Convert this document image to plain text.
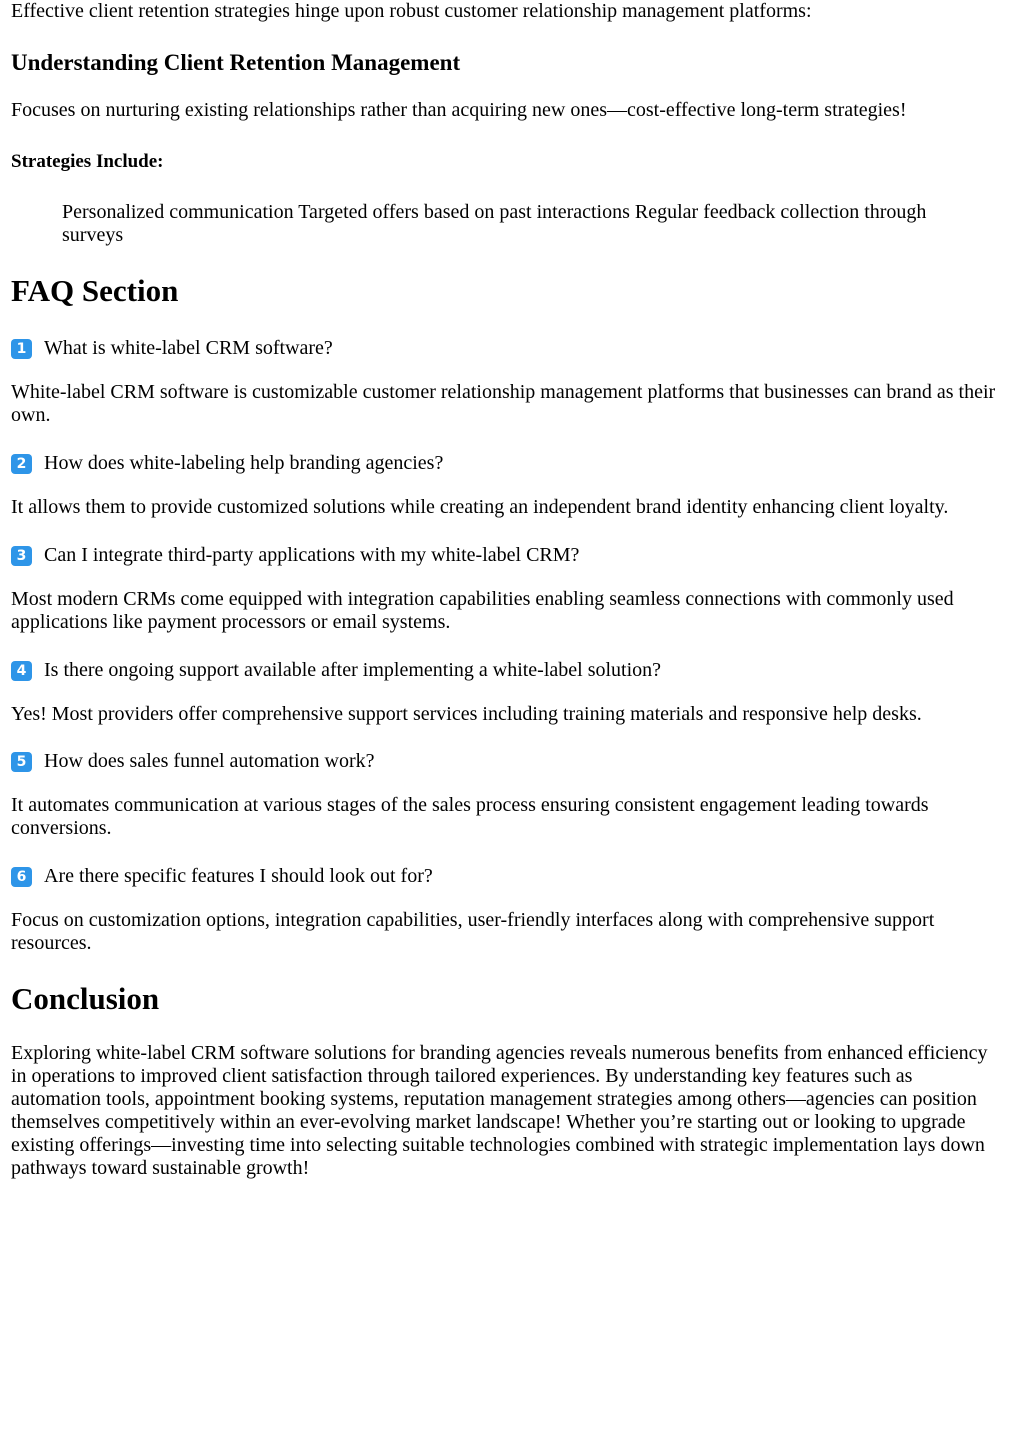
Effective client retention strategies hinge upon robust customer relationship management platforms:

Understanding Client Retention Management

Focuses on nurturing existing relationships rather than acquiring new ones—cost-effective long-term strategies!

Strategies Include:

Personalized communication Targeted offers based on past interactions Regular feedback collection through surveys

FAQ Section
1 What is white-label CRM software?

White-label CRM software is customizable customer relationship management platforms that businesses can brand as their own.

2 How does white-labeling help branding agencies?

It allows them to provide customized solutions while creating an independent brand identity enhancing client loyalty.

3 Can I integrate third-party applications with my white-label CRM?

Most modern CRMs come equipped with integration capabilities enabling seamless connections with commonly used applications like payment processors or email systems.

4 Is there ongoing support available after implementing a white-label solution?

Yes! Most providers offer comprehensive support services including training materials and responsive help desks.

5 How does sales funnel automation work?

It automates communication at various stages of the sales process ensuring consistent engagement leading towards conversions.

6 Are there specific features I should look out for?

Focus on customization options, integration capabilities, user-friendly interfaces along with comprehensive support resources.

Conclusion

Exploring white-label CRM software solutions for branding agencies reveals numerous benefits from enhanced efficiency in operations to improved client satisfaction through tailored experiences. By understanding key features such as automation tools, appointment booking systems, reputation management strategies among others—agencies can position themselves competitively within an ever-evolving market landscape! Whether you’re starting out or looking to upgrade existing offerings—investing time into selecting suitable technologies combined with strategic implementation lays down pathways toward sustainable growth!
